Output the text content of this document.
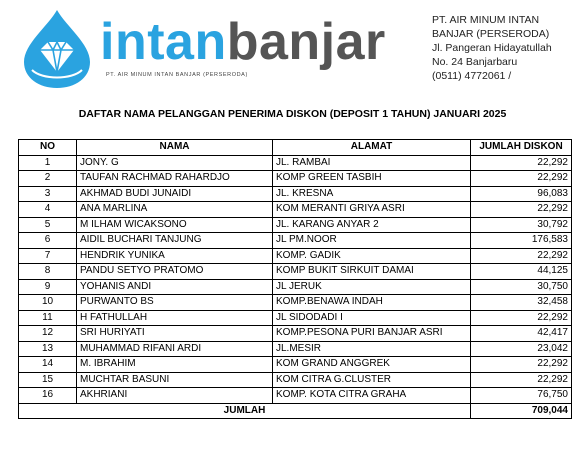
intanbanjar
PT. AIR MINUM INTAN BANJAR (PERSERODA)
PT. AIR MINUM INTAN
BANJAR (PERSERODA)
Jl. Pangeran Hidayatullah
No. 24 Banjarbaru
(0511) 4772061 /
DAFTAR NAMA PELANGGAN PENERIMA DISKON (DEPOSIT 1 TAHUN) JANUARI 2025
NO	NAMA	ALAMAT	JUMLAH DISKON
1	JONY. G	JL. RAMBAI	22,292
2	TAUFAN RACHMAD RAHARDJO	KOMP GREEN TASBIH	22,292
3	AKHMAD BUDI JUNAIDI	JL. KRESNA	96,083
4	ANA MARLINA	KOM MERANTI GRIYA ASRI	22,292
5	M ILHAM WICAKSONO	JL. KARANG ANYAR 2	30,792
6	AIDIL BUCHARI TANJUNG	JL PM.NOOR	176,583
7	HENDRIK YUNIKA	KOMP. GADIK	22,292
8	PANDU SETYO PRATOMO	KOMP BUKIT SIRKUIT DAMAI	44,125
9	YOHANIS ANDI	JL JERUK	30,750
10	PURWANTO BS	KOMP.BENAWA INDAH	32,458
11	H FATHULLAH	JL SIDODADI I	22,292
12	SRI HURIYATI	KOMP.PESONA PURI BANJAR ASRI	42,417
13	MUHAMMAD RIFANI ARDI	JL.MESIR	23,042
14	M. IBRAHIM	KOM GRAND ANGGREK	22,292
15	MUCHTAR BASUNI	KOM CITRA G.CLUSTER	22,292
16	AKHRIANI	KOMP. KOTA CITRA GRAHA	76,750
JUMLAH			709,044
